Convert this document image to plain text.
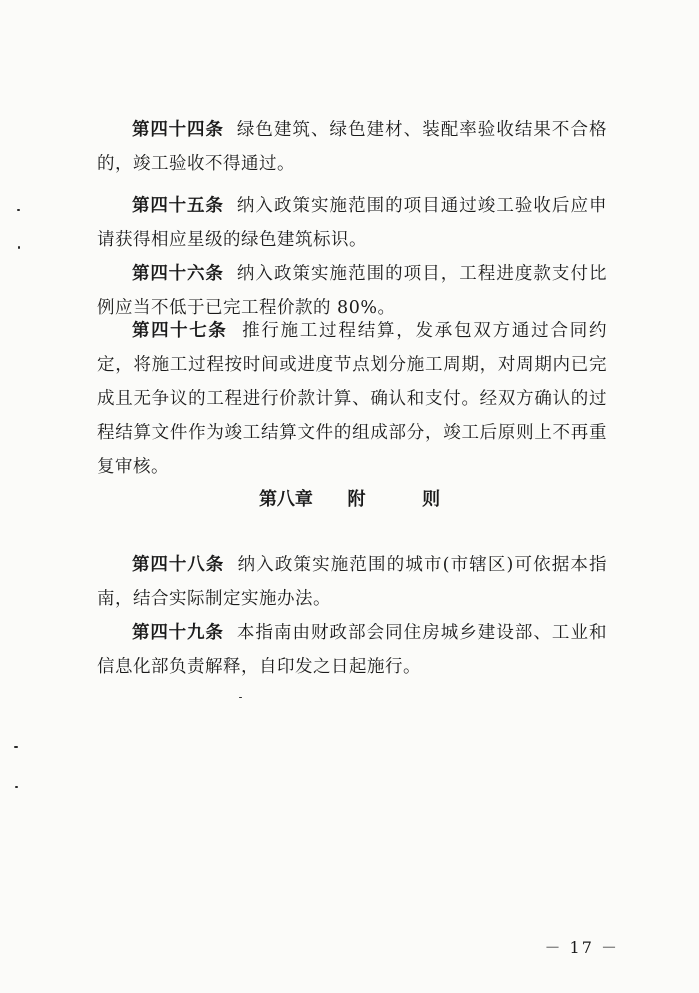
第四十四条 绿色建筑、绿色建材、装配率验收结果不合格的，竣工验收不得通过。

第四十五条 纳入政策实施范围的项目通过竣工验收后应申请获得相应星级的绿色建筑标识。

第四十六条 纳入政策实施范围的项目，工程进度款支付比例应当不低于已完工程价款的 80%。

第四十七条 推行施工过程结算，发承包双方通过合同约定，将施工过程按时间或进度节点划分施工周期，对周期内已完成且无争议的工程进行价款计算、确认和支付。经双方确认的过程结算文件作为竣工结算文件的组成部分，竣工后原则上不再重复审核。

第八章 附	则

第四十八条 纳入政策实施范围的城市(市辖区)可依据本指南，结合实际制定实施办法。

第四十九条 本指南由财政部会同住房城乡建设部、工业和信息化部负责解释，自印发之日起施行。

－ 17 －
